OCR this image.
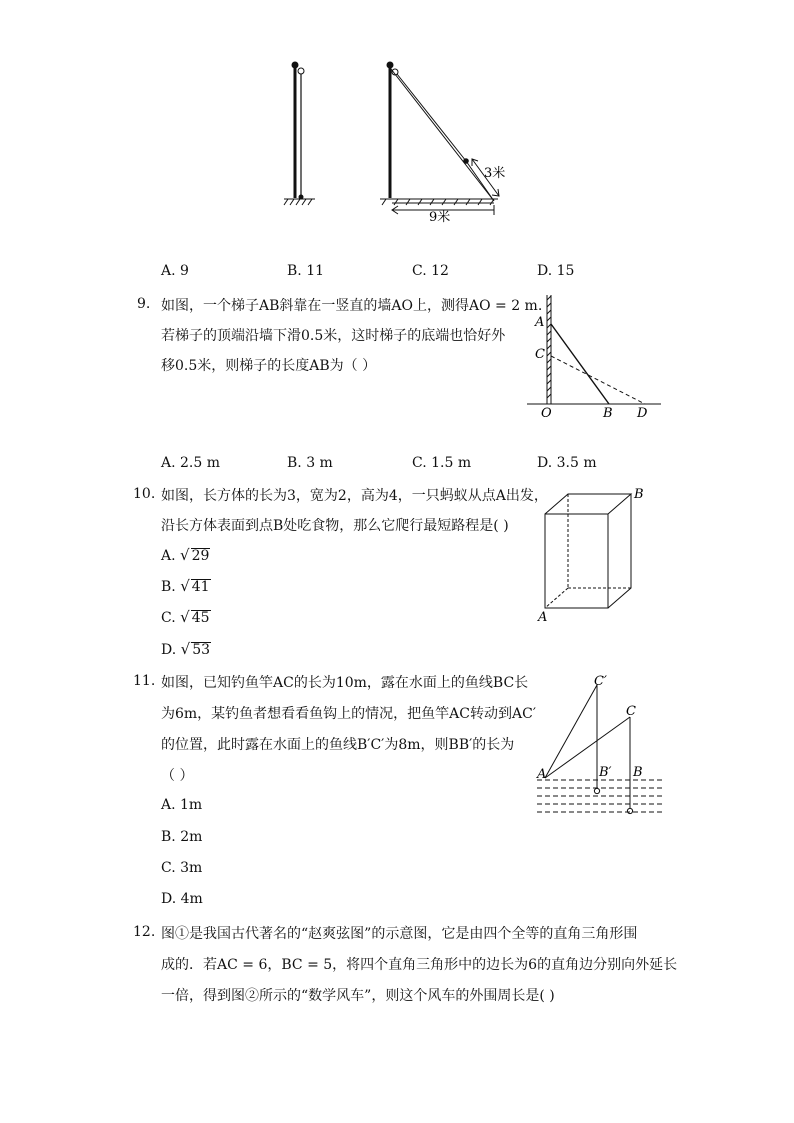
3米
9米
A. 9	B. 11	C. 12	D. 15
9. 如图，一个梯子AB斜靠在一竖直的墙AO上，测得AO = 2 m.
若梯子的顶端沿墙下滑0.5米，这时梯子的底端也恰好外
移0.5米，则梯子的长度AB为（ ）
A
C
O	B D
A. 2.5 m	B. 3 m	C. 1.5 m	D. 3.5 m
10. 如图，长方体的长为3，宽为2，高为4，一只蚂蚁从点A出发，
沿长方体表面到点B处吃食物，那么它爬行最短路程是( )
A. √ 29
B. √ 41
C. √ 45
D. √ 53
A
B
11. 如图，已知钓鱼竿AC的长为10m，露在水面上的鱼线BC长
为6m，某钓鱼者想看看鱼钩上的情况，把鱼竿AC转动到AC′
的位置，此时露在水面上的鱼线B′C′为8m，则BB′的长为
（ ）
A. 1m
B. 2m
C. 3m
D. 4m
C′
C
A	B′ B
12. 图①是我国古代著名的“赵爽弦图”的示意图，它是由四个全等的直角三角形围
成的．若AC = 6，BC = 5，将四个直角三角形中的边长为6的直角边分别向外延长
一倍，得到图②所示的“数学风车”，则这个风车的外围周长是( )
